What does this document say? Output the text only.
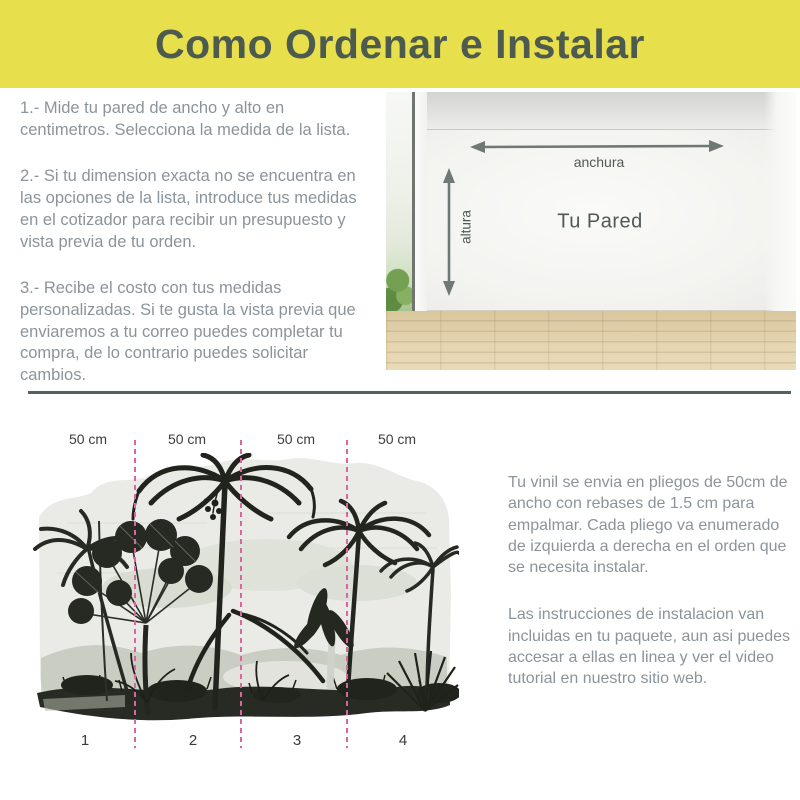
Como Ordenar e Instalar

1.- Mide tu pared de ancho y alto en centimetros. Selecciona la medida de la lista.

2.- Si tu dimension exacta no se encuentra en las opciones de la lista, introduce tus medidas en el cotizador para recibir un presupuesto y vista previa de tu orden.

3.- Recibe el costo con tus medidas personalizadas. Si te gusta la vista previa que enviaremos a tu correo puedes completar tu compra, de lo contrario puedes solicitar cambios.

anchura
altura	Tu Pared
50 cm	50 cm	50 cm	50 cm
1	2	3	4

Tu vinil se envia en pliegos de 50cm de ancho con rebases de 1.5 cm para empalmar. Cada pliego va enumerado de izquierda a derecha en el orden que se necesita instalar.

Las instrucciones de instalacion van incluidas en tu paquete, aun asi puedes accesar a ellas en linea y ver el video tutorial en nuestro sitio web.
